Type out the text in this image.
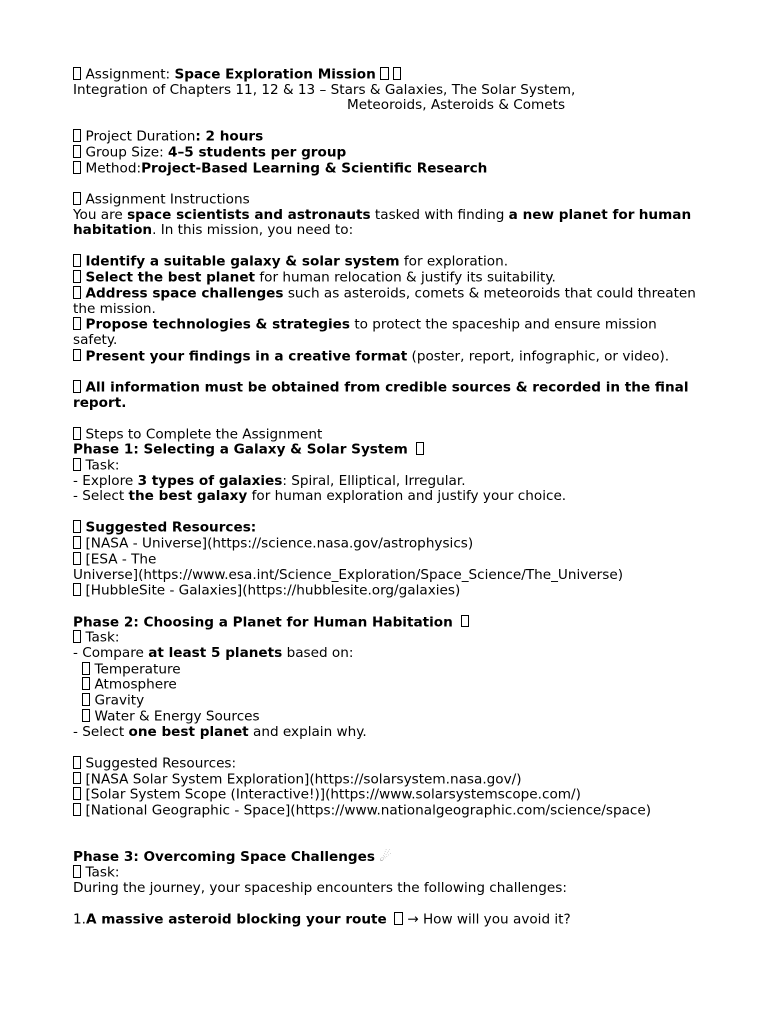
Assignment: Space Exploration Mission
Integration of Chapters 11, 12 & 13 – Stars & Galaxies, The Solar System,
Meteoroids, Asteroids & Comets
Project Duration: 2 hours
Group Size: 4–5 students per group
Method:Project-Based Learning & Scientific Research
Assignment Instructions
You are space scientists and astronauts tasked with finding a new planet for human habitation. In this mission, you need to:
Identify a suitable galaxy & solar system for exploration.
Select the best planet for human relocation & justify its suitability.
Address space challenges such as asteroids, comets & meteoroids that could threaten the mission.
Propose technologies & strategies to protect the spaceship and ensure mission safety.
Present your findings in a creative format (poster, report, infographic, or video).
All information must be obtained from credible sources & recorded in the final report.
Steps to Complete the Assignment
Phase 1: Selecting a Galaxy & Solar System
Task:
- Explore 3 types of galaxies: Spiral, Elliptical, Irregular.
- Select the best galaxy for human exploration and justify your choice.
Suggested Resources:
[NASA - Universe](https://science.nasa.gov/astrophysics)
[ESA - The
Universe](https://www.esa.int/Science_Exploration/Space_Science/The_Universe)
[HubbleSite - Galaxies](https://hubblesite.org/galaxies)
Phase 2: Choosing a Planet for Human Habitation
Task:
- Compare at least 5 planets based on:
Temperature
Atmosphere
Gravity
Water & Energy Sources
- Select one best planet and explain why.
Suggested Resources:
[NASA Solar System Exploration](https://solarsystem.nasa.gov/)
[Solar System Scope (Interactive!)](https://www.solarsystemscope.com/)
[National Geographic - Space](https://www.nationalgeographic.com/science/space)
Phase 3: Overcoming Space Challenges ☄
Task:
During the journey, your spaceship encounters the following challenges:
1.A massive asteroid blocking your route  → How will you avoid it?
